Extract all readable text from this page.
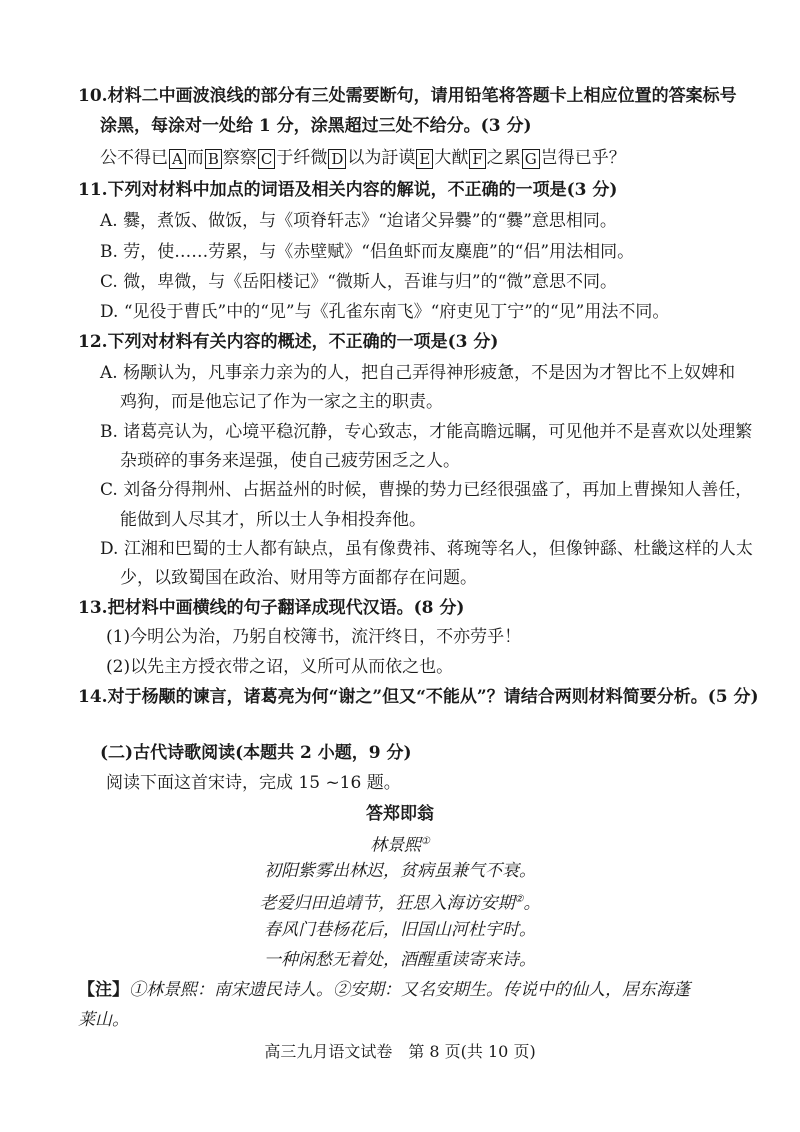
10.材料二中画波浪线的部分有三处需要断句，请用铅笔将答题卡上相应位置的答案标号
涂黑，每涂对一处给 1 分，涂黑超过三处不给分。(3 分)
公不得已 A 而 B 察察 C 于纤微 D 以为訏谟 E 大猷 F 之累 G 岂得已乎？
11.下列对材料中加点的词语及相关内容的解说，不正确的一项是(3 分)
A. 爨，煮饭、做饭，与《项脊轩志》“迨诸父异爨”的“爨”意思相同。
B. 劳，使……劳累，与《赤壁赋》“侣鱼虾而友麋鹿”的“侣”用法相同。
C. 微，卑微，与《岳阳楼记》“微斯人，吾谁与归”的“微”意思不同。
D. “见役于曹氏”中的“见”与《孔雀东南飞》“府吏见丁宁”的“见”用法不同。
12.下列对材料有关内容的概述，不正确的一项是(3 分)
A. 杨颙认为，凡事亲力亲为的人，把自己弄得神形疲惫，不是因为才智比不上奴婢和
鸡狗，而是他忘记了作为一家之主的职责。
B. 诸葛亮认为，心境平稳沉静，专心致志，才能高瞻远瞩，可见他并不是喜欢以处理繁
杂琐碎的事务来逞强，使自己疲劳困乏之人。
C. 刘备分得荆州、占据益州的时候，曹操的势力已经很强盛了，再加上曹操知人善任，
能做到人尽其才，所以士人争相投奔他。
D. 江湘和巴蜀的士人都有缺点，虽有像费祎、蒋琬等名人，但像钟繇、杜畿这样的人太
少，以致蜀国在政治、财用等方面都存在问题。
13.把材料中画横线的句子翻译成现代汉语。(8 分)
(1)今明公为治，乃躬自校簿书，流汗终日，不亦劳乎！
(2)以先主方授衣带之诏，义所可从而依之也。
14.对于杨颙的谏言，诸葛亮为何“谢之”但又“不能从”？请结合两则材料简要分析。(5 分)
(二)古代诗歌阅读(本题共 2 小题，9 分)
阅读下面这首宋诗，完成 15 ~16 题。
答郑即翁
林景熙①
初阳紫雾出林迟，贫病虽兼气不衰。
老爱归田追靖节，狂思入海访安期②。
春风门巷杨花后，旧国山河杜宇时。
一种闲愁无着处，酒醒重读寄来诗。
【注】①林景熙：南宋遗民诗人。②安期：又名安期生。传说中的仙人，居东海蓬
莱山。
高三九月语文试卷　第 8 页(共 10 页)
